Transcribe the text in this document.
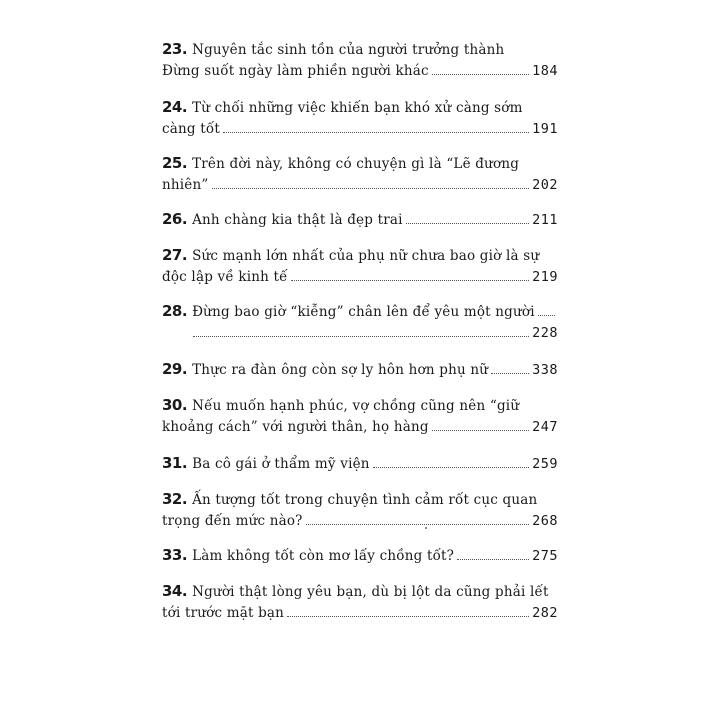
23. Nguyên tắc sinh tồn của người trưởng thành
Đừng suốt ngày làm phiền người khác	184
24. Từ chối những việc khiến bạn khó xử càng sớm
càng tốt	191
25. Trên đời này, không có chuyện gì là “Lẽ đương
nhiên”	202
26. Anh chàng kia thật là đẹp trai	211
27. Sức mạnh lớn nhất của phụ nữ chưa bao giờ là sự
độc lập về kinh tế	219
28. Đừng bao giờ “kiễng” chân lên để yêu một người
228
29. Thực ra đàn ông còn sợ ly hôn hơn phụ nữ	338
30. Nếu muốn hạnh phúc, vợ chồng cũng nên “giữ
khoảng cách” với người thân, họ hàng	247
31. Ba cô gái ở thẩm mỹ viện	259
32. Ấn tượng tốt trong chuyện tình cảm rốt cục quan
trọng đến mức nào?	268
33. Làm không tốt còn mơ lấy chồng tốt?	275
34. Người thật lòng yêu bạn, dù bị lột da cũng phải lết
tới trước mặt bạn	282
